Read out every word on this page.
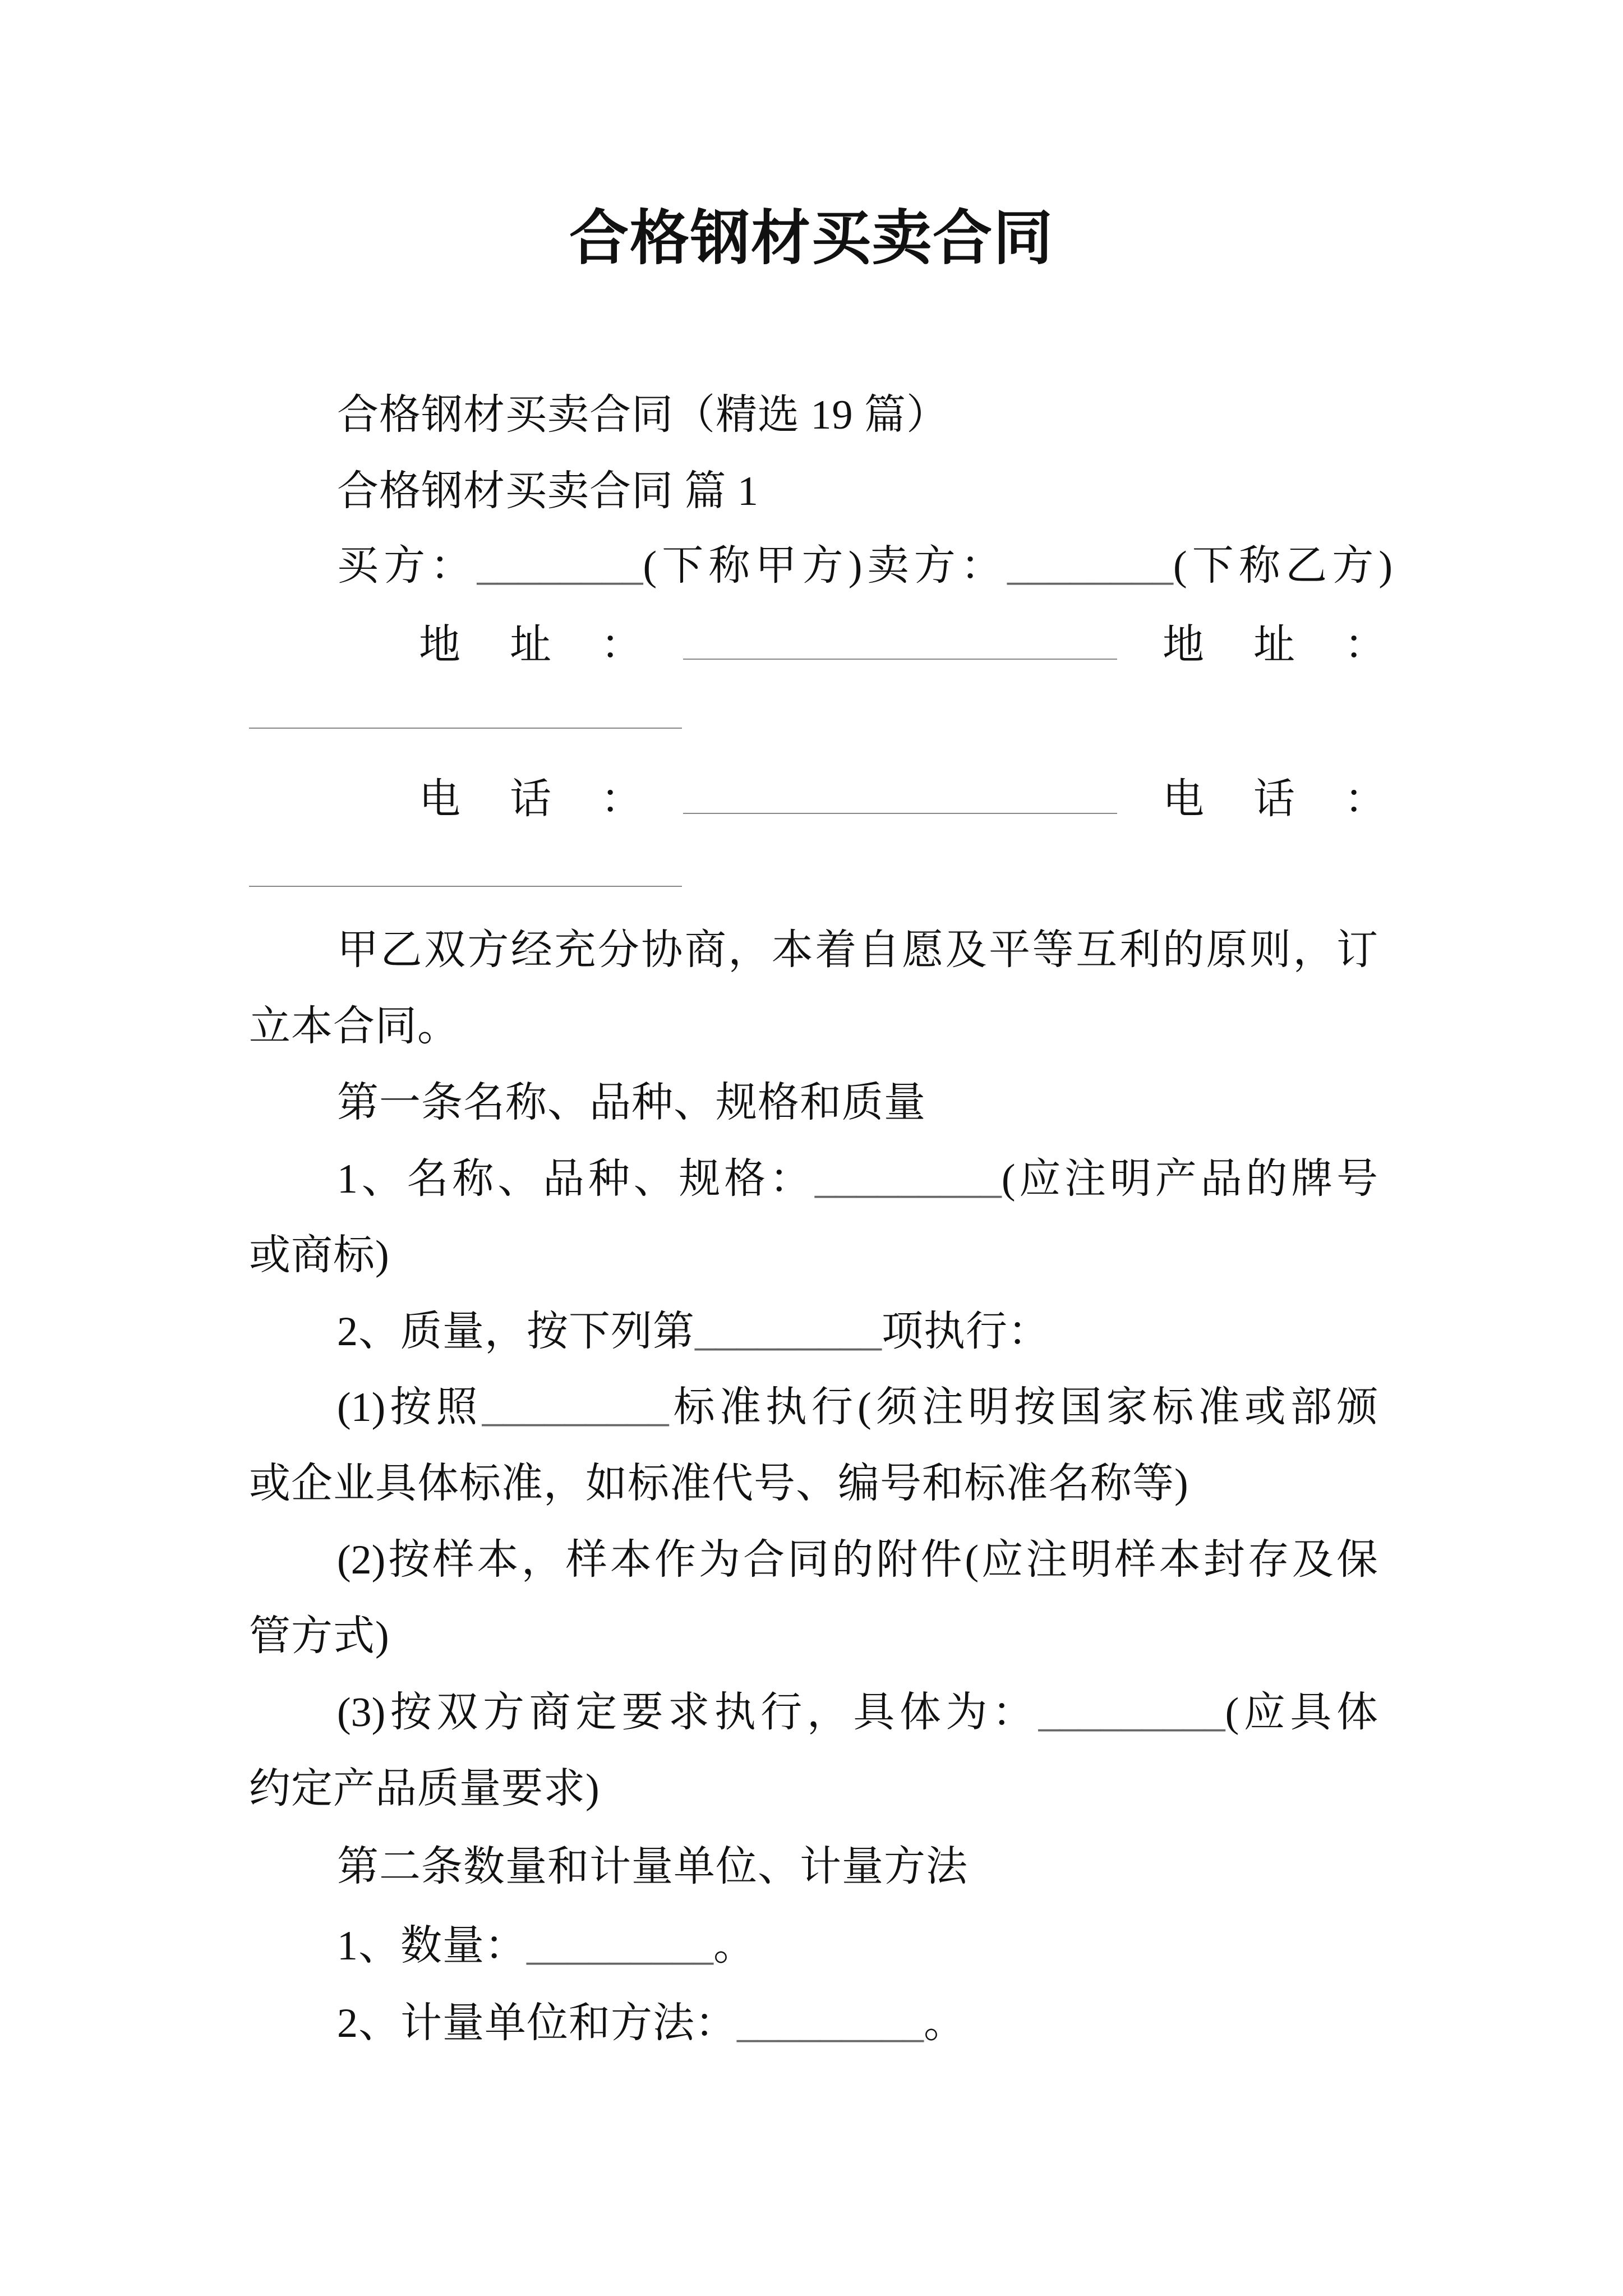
合格钢材买卖合同
合格钢材买卖合同（精选 19 篇）
合格钢材买卖合同 篇 1
买方：________(下称甲方)卖方：________(下称乙方)
地址：	地址：
电话：	电话：
甲乙双方经充分协商，本着自愿及平等互利的原则，订
立本合同。
第一条名称、品种、规格和质量
1、名称、品种、规格：_________(应注明产品的牌号
或商标)
2、质量，按下列第_________项执行：
(1)按照_________标准执行(须注明按国家标准或部颁
或企业具体标准，如标准代号、编号和标准名称等)
(2)按样本，样本作为合同的附件(应注明样本封存及保
管方式)
(3)按双方商定要求执行，具体为：_________(应具体
约定产品质量要求)
第二条数量和计量单位、计量方法
1、数量：_________。
2、计量单位和方法：_________。
